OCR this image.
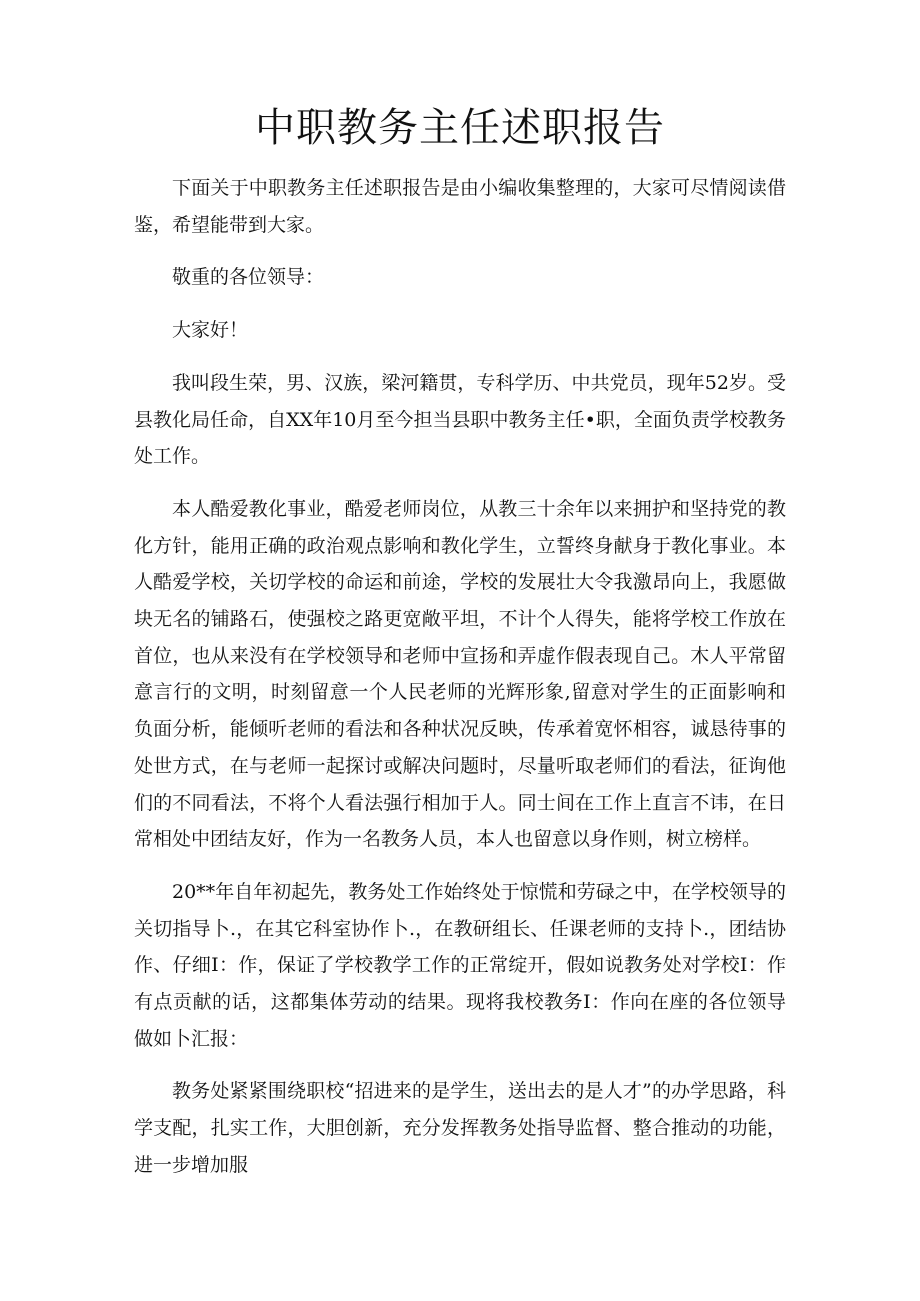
中职教务主任述职报告

下面关于中职教务主任述职报告是由小编收集整理的，大家可尽情阅读借鉴，希望能带到大家。

敬重的各位领导：

大家好！

我叫段生荣，男、汉族，梁河籍贯，专科学历、中共党员，现年52岁。受县教化局任命，自XX年10月至今担当县职中教务主任•职，全面负责学校教务处工作。

本人酷爱教化事业，酷爱老师岗位，从教三十余年以来拥护和坚持党的教化方针，能用正确的政治观点影响和教化学生，立誓终身献身于教化事业。本人酷爱学校，关切学校的命运和前途，学校的发展壮大令我激昂向上，我愿做块无名的铺路石，使强校之路更宽敞平坦，不计个人得失，能将学校工作放在首位，也从来没有在学校领导和老师中宣扬和弄虚作假表现自己。木人平常留意言行的文明，时刻留意一个人民老师的光辉形象,留意对学生的正面影响和负面分析，能倾听老师的看法和各种状况反映，传承着宽怀相容，诚恳待事的处世方式，在与老师一起探讨或解决问题时，尽量听取老师们的看法，征询他们的不同看法，不将个人看法强行相加于人。同士间在工作上直言不讳，在日常相处中团结友好，作为一名教务人员，本人也留意以身作则，树立榜样。

20**年自年初起先，教务处工作始终处于惊慌和劳碌之中，在学校领导的关切指导卜.，在其它科室协作卜.，在教研组长、任课老师的支持卜.，团结协作、仔细I：作，保证了学校教学工作的正常绽开，假如说教务处对学校I：作有点贡献的话，这都集体劳动的结果。现将我校教务I：作向在座的各位领导做如卜汇报：

教务处紧紧围绕职校“招进来的是学生，送出去的是人才”的办学思路，科学支配，扎实工作，大胆创新，充分发挥教务处指导监督、整合推动的功能，进一步增加服
